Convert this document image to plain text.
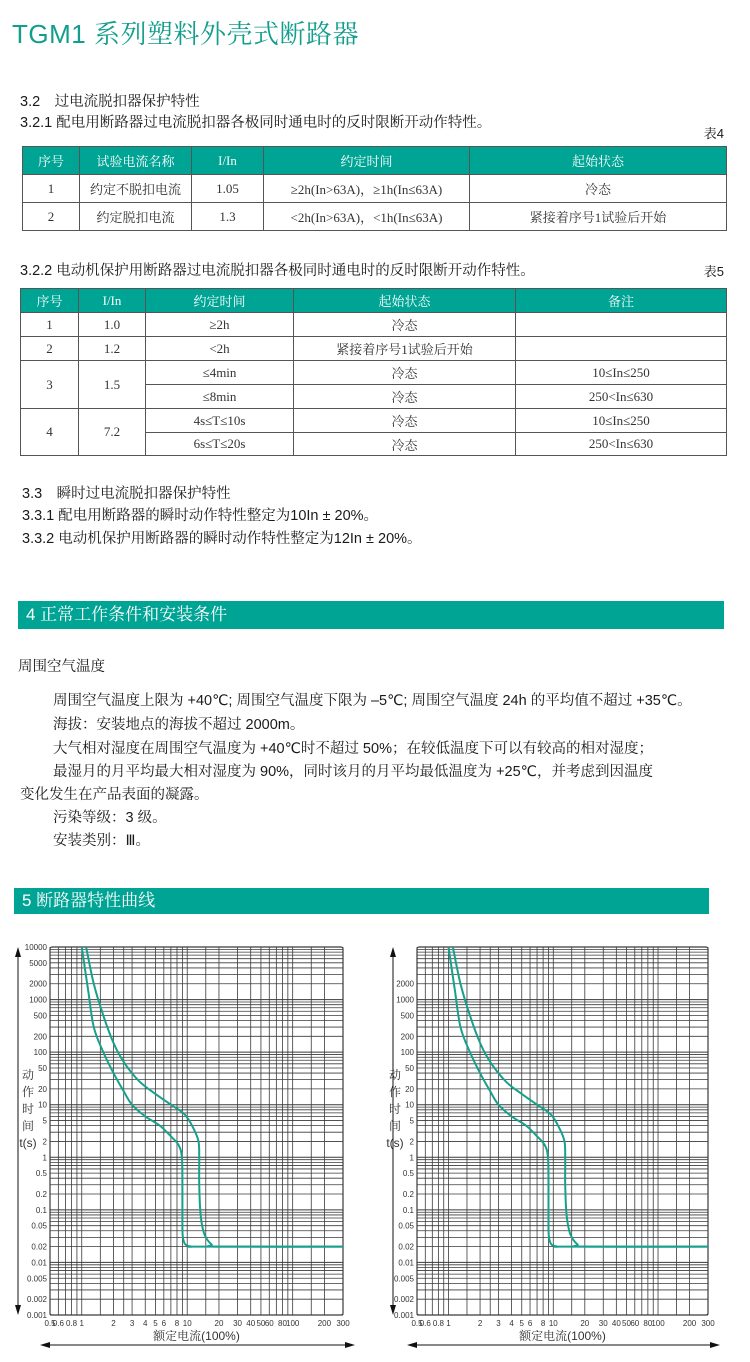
TGM1 系列塑料外壳式断路器
3.2　过电流脱扣器保护特性
3.2.1 配电用断路器过电流脱扣器各极同时通电时的反时限断开动作特性。
表4
序号	试验电流名称	I/In	约定时间	起始状态
1	约定不脱扣电流	1.05	≥2h(In>63A)，≥1h(In≤63A)	冷态
2	约定脱扣电流	1.3	<2h(In>63A)，<1h(In≤63A)	紧接着序号1试验后开始
3.2.2 电动机保护用断路器过电流脱扣器各极同时通电时的反时限断开动作特性。	表5
序号	I/In	约定时间	起始状态	备注
1	1.0	≥2h	冷态	
2	1.2	<2h	紧接着序号1试验后开始	
3	1.5	≤4min	冷态	10≤In≤250
		≤8min	冷态	250<In≤630
4	7.2	4s≤T≤10s	冷态	10≤In≤250
		6s≤T≤20s	冷态	250<In≤630
3.3　瞬时过电流脱扣器保护特性
3.3.1 配电用断路器的瞬时动作特性整定为10In ± 20%。
3.3.2 电动机保护用断路器的瞬时动作特性整定为12In ± 20%。
4 正常工作条件和安装条件
周围空气温度
周围空气温度上限为 +40℃; 周围空气温度下限为 –5℃; 周围空气温度 24h 的平均值不超过 +35℃。
海拔：安装地点的海拔不超过 2000m。
大气相对湿度在周围空气温度为 +40℃时不超过 50%；在较低温度下可以有较高的相对湿度；
最湿月的月平均最大相对湿度为 90%，同时该月的月平均最低温度为 +25℃，并考虑到因温度
变化发生在产品表面的凝露。
污染等级：3 级。
安装类别：Ⅲ。
5 断路器特性曲线
10000
5000
2000
1000
500
200
100
50
20
10
5
2
1
0.5
0.2
0.1
0.05
0.02
0.01
0.005
0.002
0.001
0.5
0.6 0.8 1	2 3 4 5 6 8 10	20 30 40 50 60 80 100 200 300
额定电流(100%)
动
作
时
间
t(s)
2000
1000
500
200
100
50
20
10
5
2
1
0.5
0.2
0.1
0.05
0.02
0.01
0.005
0.002
0.001
0.5
0.6 0.8 1	2 3 4 5 6 8 10	20 30 40 50 60 80 100 200 300
额定电流(100%)
动
作
时
间
t(s)
